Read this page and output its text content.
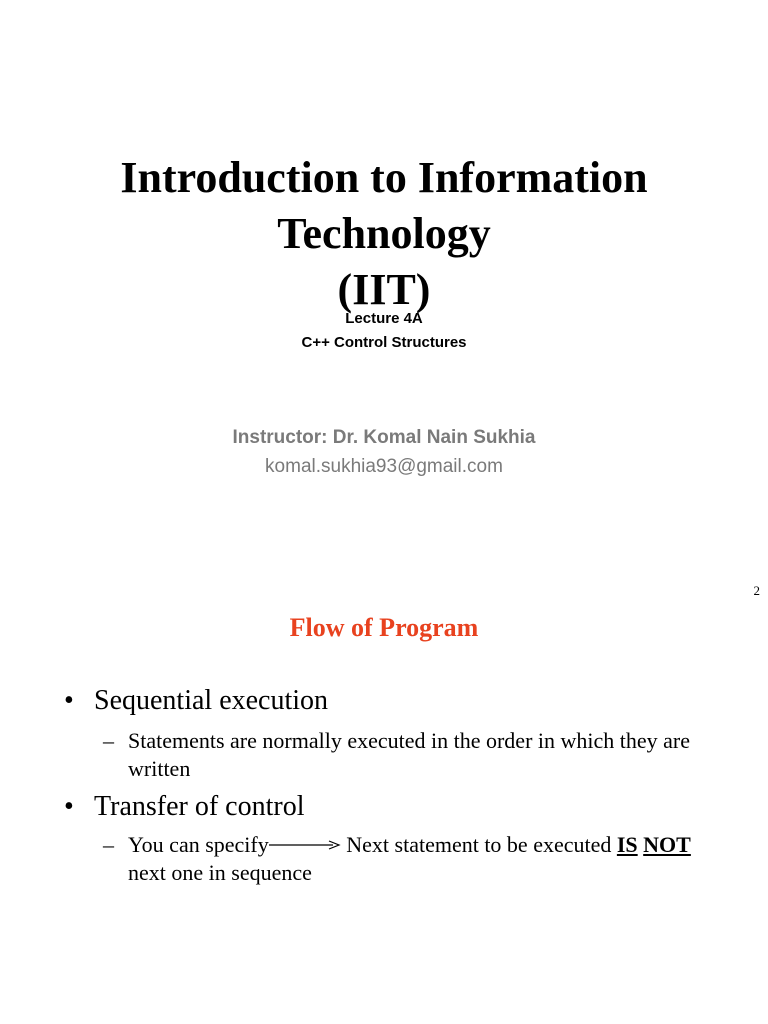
Introduction to Information
Technology
(IIT)
Lecture 4A
C++ Control Structures
Instructor: Dr. Komal Nain Sukhia
komal.sukhia93@gmail.com
2
Flow of Program
• Sequential execution
– Statements are normally executed in the order in which they are written
• Transfer of control
– You can specify	Next statement to be executed IS NOT next one in sequence
